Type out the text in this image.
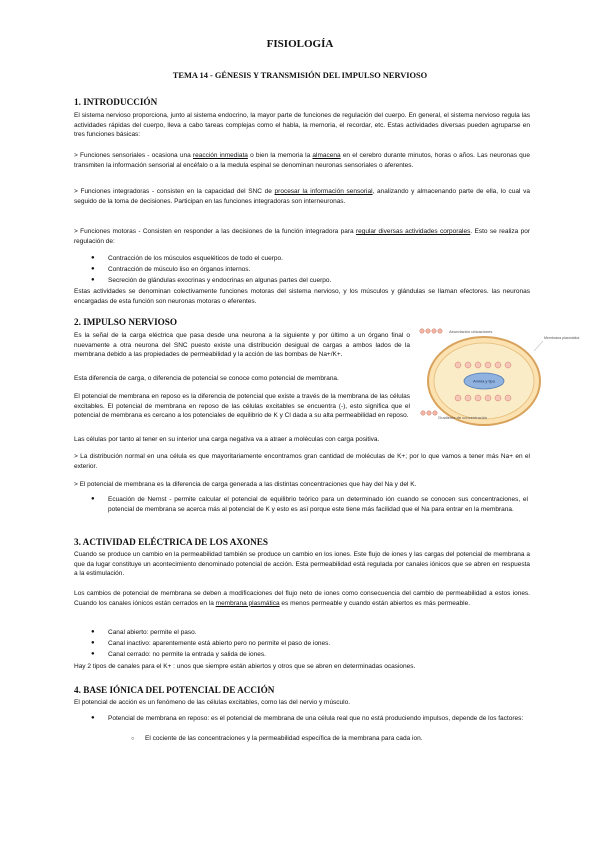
FISIOLOGÍA
TEMA 14 - GÉNESIS Y TRANSMISIÓN DEL IMPULSO NERVIOSO
1. INTRODUCCIÓN

El sistema nervioso proporciona, junto al sistema endocrino, la mayor parte de funciones de regulación del cuerpo. En general, el sistema nervioso regula las actividades rápidas del cuerpo, lleva a cabo tareas complejas como el habla, la memoria, el recordar, etc. Estas actividades diversas pueden agruparse en tres funciones básicas:

> Funciones sensoriales - ocasiona una reacción inmediata o bien la memoria la almacena en el cerebro durante minutos, horas o años. Las neuronas que transmiten la información sensorial al encéfalo o a la medula espinal se denominan neuronas sensoriales o aferentes.

> Funciones integradoras - consisten en la capacidad del SNC de procesar la información sensorial, analizando y almacenando parte de ella, lo cual va seguido de la toma de decisiones. Participan en las funciones integradoras son interneuronas.

> Funciones motoras - Consisten en responder a las decisiones de la función integradora para regular diversas actividades corporales. Esto se realiza por regulación de:

● Contracción de los músculos esqueléticos de todo el cuerpo.

● Contracción de músculo liso en órganos internos.

● Secreción de glándulas exocrinas y endocrinas en algunas partes del cuerpo.

Estas actividades se denominan colectivamente funciones motoras del sistema nervioso, y los músculos y glándulas se llaman efectores. las neuronas encargadas de esta función son neuronas motoras o eferentes.

2. IMPULSO NERVIOSO

Es la señal de la carga eléctrica que pasa desde una neurona a la siguiente y por último a un órgano final o nuevamente a otra neurona del SNC puesto existe una distribución desigual de cargas a ambos lados de la membrana debido a las propiedades de permeabilidad y la acción de las bombas de Na+/K+.

Esta diferencia de carga, o diferencia de potencial se conoce como potencial de membrana.

El potencial de membrana en reposo es la diferencia de potencial que existe a través de la membrana de las células excitables. El potencial de membrana en reposo de las células excitables se encuentra (-), esto significa que el potencial de membrana es cercano a los potenciales de equilibrio de K y Cl dada a su alta permeabilidad en reposo.

Las células por tanto al tener en su interior una carga negativa va a atraer a moléculas con carga positiva.

> La distribución normal en una célula es que mayoritariamente encontramos gran cantidad de moléculas de K+; por lo que vamos a tener más Na+ en el exterior.

> El potencial de membrana es la diferencia de carga generada a las distintas concentraciones que hay del Na y del K.

● Ecuación de Nernst - permite calcular el potencial de equilibrio teórico para un determinado ión cuando se conocen sus concentraciones, el potencial de membrana se acerca más al potencial de K y esto es así porque este tiene más facilidad que el Na para entrar en la membrana.

Abundación ubicaciones
Amina y tipo
Membrana plasmática
Gradiente de concentración
3. ACTIVIDAD ELÉCTRICA DE LOS AXONES

Cuando se produce un cambio en la permeabilidad también se produce un cambio en los iones. Este flujo de iones y las cargas del potencial de membrana a que da lugar constituye un acontecimiento denominado potencial de acción. Esta permeabilidad está regulada por canales iónicos que se abren en respuesta a la estimulación.

Los cambios de potencial de membrana se deben a modificaciones del flujo neto de iones como consecuencia del cambio de permeabilidad a estos iones. Cuando los canales iónicos están cerrados en la membrana plasmática es menos permeable y cuando están abiertos es más permeable.

● Canal abierto: permite el paso.

● Canal inactivo: aparentemente está abierto pero no permite el paso de iones.

● Canal cerrado: no permite la entrada y salida de iones.

Hay 2 tipos de canales para el K+ : unos que siempre están abiertos y otros que se abren en determinadas ocasiones.

4. BASE IÓNICA DEL POTENCIAL DE ACCIÓN

El potencial de acción es un fenómeno de las células excitables, como las del nervio y músculo.

● Potencial de membrana en reposo: es el potencial de membrana de una célula real que no está produciendo impulsos, depende de los factores:

○ El cociente de las concentraciones y la permeabilidad específica de la membrana para cada ion.
